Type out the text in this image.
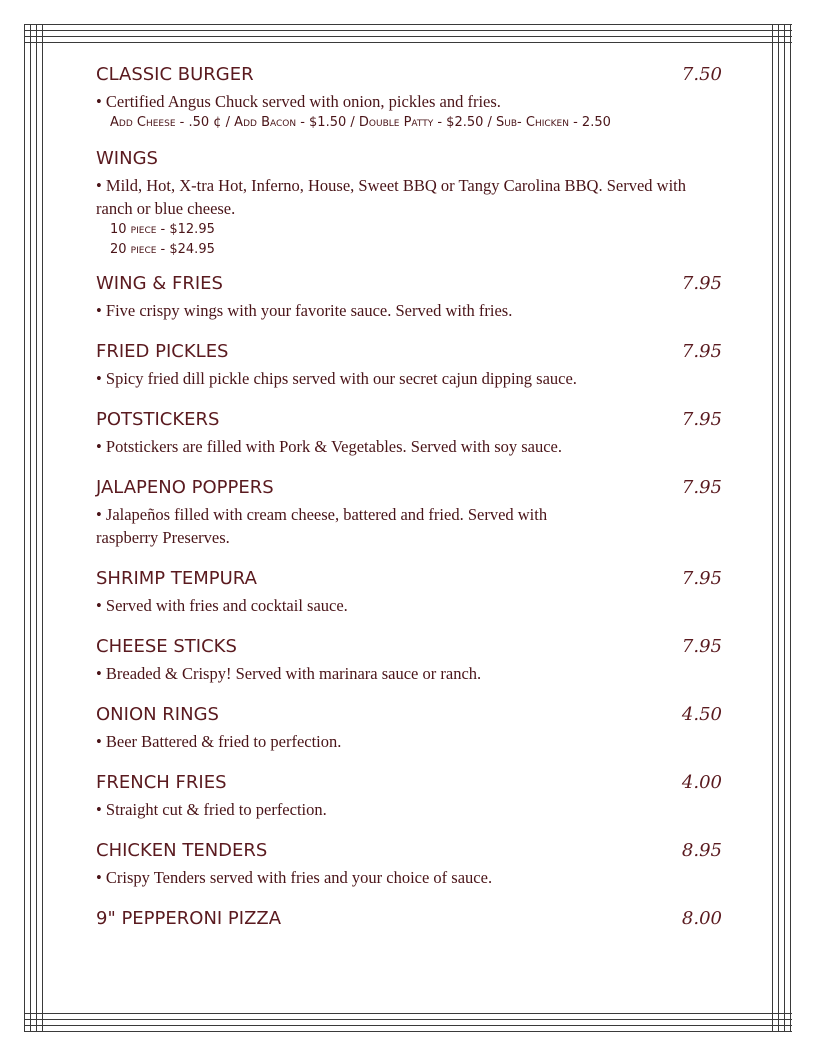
CLASSIC BURGER	7.50
• Certified Angus Chuck served with onion, pickles and fries.
Add Cheese - .50 ¢ / Add Bacon - $1.50 / Double Patty - $2.50 / Sub- Chicken - 2.50
WINGS
• Mild, Hot, X-tra Hot, Inferno, House, Sweet BBQ or Tangy Carolina BBQ. Served with ranch or blue cheese.
10 piece - $12.95
20 piece - $24.95
WING & FRIES	7.95
• Five crispy wings with your favorite sauce. Served with fries.
FRIED PICKLES	7.95
• Spicy fried dill pickle chips served with our secret cajun dipping sauce.
POTSTICKERS	7.95
• Potstickers are filled with Pork & Vegetables. Served with soy sauce.
JALAPENO POPPERS	7.95
• Jalapeños filled with cream cheese, battered and fried. Served with raspberry Preserves.
SHRIMP TEMPURA	7.95
• Served with fries and cocktail sauce.
CHEESE STICKS	7.95
• Breaded & Crispy! Served with marinara sauce or ranch.
ONION RINGS	4.50
• Beer Battered & fried to perfection.
FRENCH FRIES	4.00
• Straight cut & fried to perfection.
CHICKEN TENDERS	8.95
• Crispy Tenders served with fries and your choice of sauce.
9" PEPPERONI PIZZA	8.00
